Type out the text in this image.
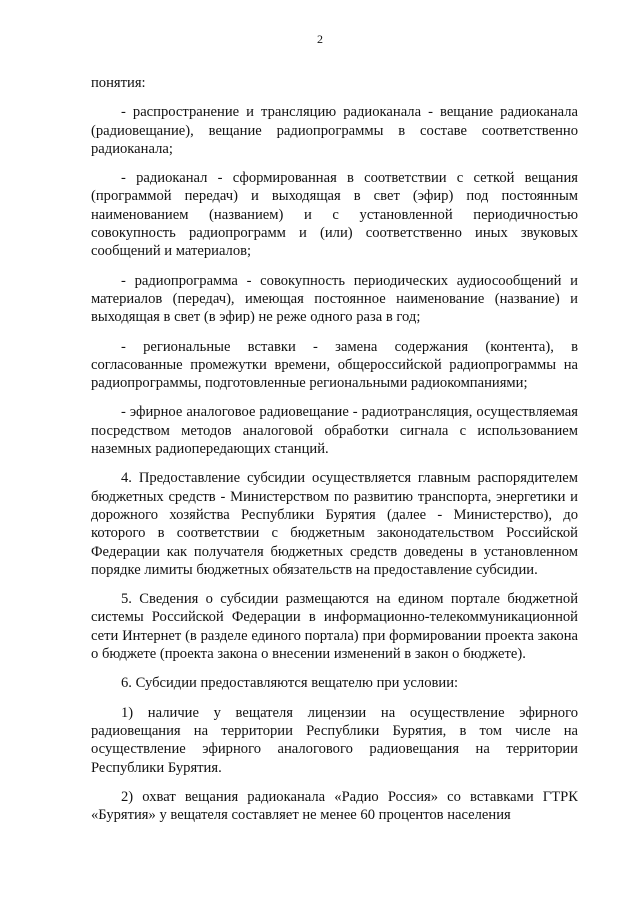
2

понятия:

- распространение и трансляцию радиоканала - вещание радиоканала (радиовещание), вещание радиопрограммы в составе соответственно радиоканала;

- радиоканал - сформированная в соответствии с сеткой вещания (программой передач) и выходящая в свет (эфир) под постоянным наименованием (названием) и с установленной периодичностью совокупность радиопрограмм и (или) соответственно иных звуковых сообщений и материалов;

- радиопрограмма - совокупность периодических аудиосообщений и материалов (передач), имеющая постоянное наименование (название) и выходящая в свет (в эфир) не реже одного раза в год;

- региональные вставки - замена содержания (контента), в согласованные промежутки времени, общероссийской радиопрограммы на радиопрограммы, подготовленные региональными радиокомпаниями;

- эфирное аналоговое радиовещание - радиотрансляция, осуществляемая посредством методов аналоговой обработки сигнала с использованием наземных радиопередающих станций.

4. Предоставление субсидии осуществляется главным распорядителем бюджетных средств - Министерством по развитию транспорта, энергетики и дорожного хозяйства Республики Бурятия (далее - Министерство), до которого в соответствии с бюджетным законодательством Российской Федерации как получателя бюджетных средств доведены в установленном порядке лимиты бюджетных обязательств на предоставление субсидии.

5. Сведения о субсидии размещаются на едином портале бюджетной системы Российской Федерации в информационно-телекоммуникационной сети Интернет (в разделе единого портала) при формировании проекта закона о бюджете (проекта закона о внесении изменений в закон о бюджете).

6. Субсидии предоставляются вещателю при условии:

1) наличие у вещателя лицензии на осуществление эфирного радиовещания на территории Республики Бурятия, в том числе на осуществление эфирного аналогового радиовещания на территории Республики Бурятия.

2) охват вещания радиоканала «Радио Россия» со вставками ГТРК «Бурятия» у вещателя составляет не менее 60 процентов населения
